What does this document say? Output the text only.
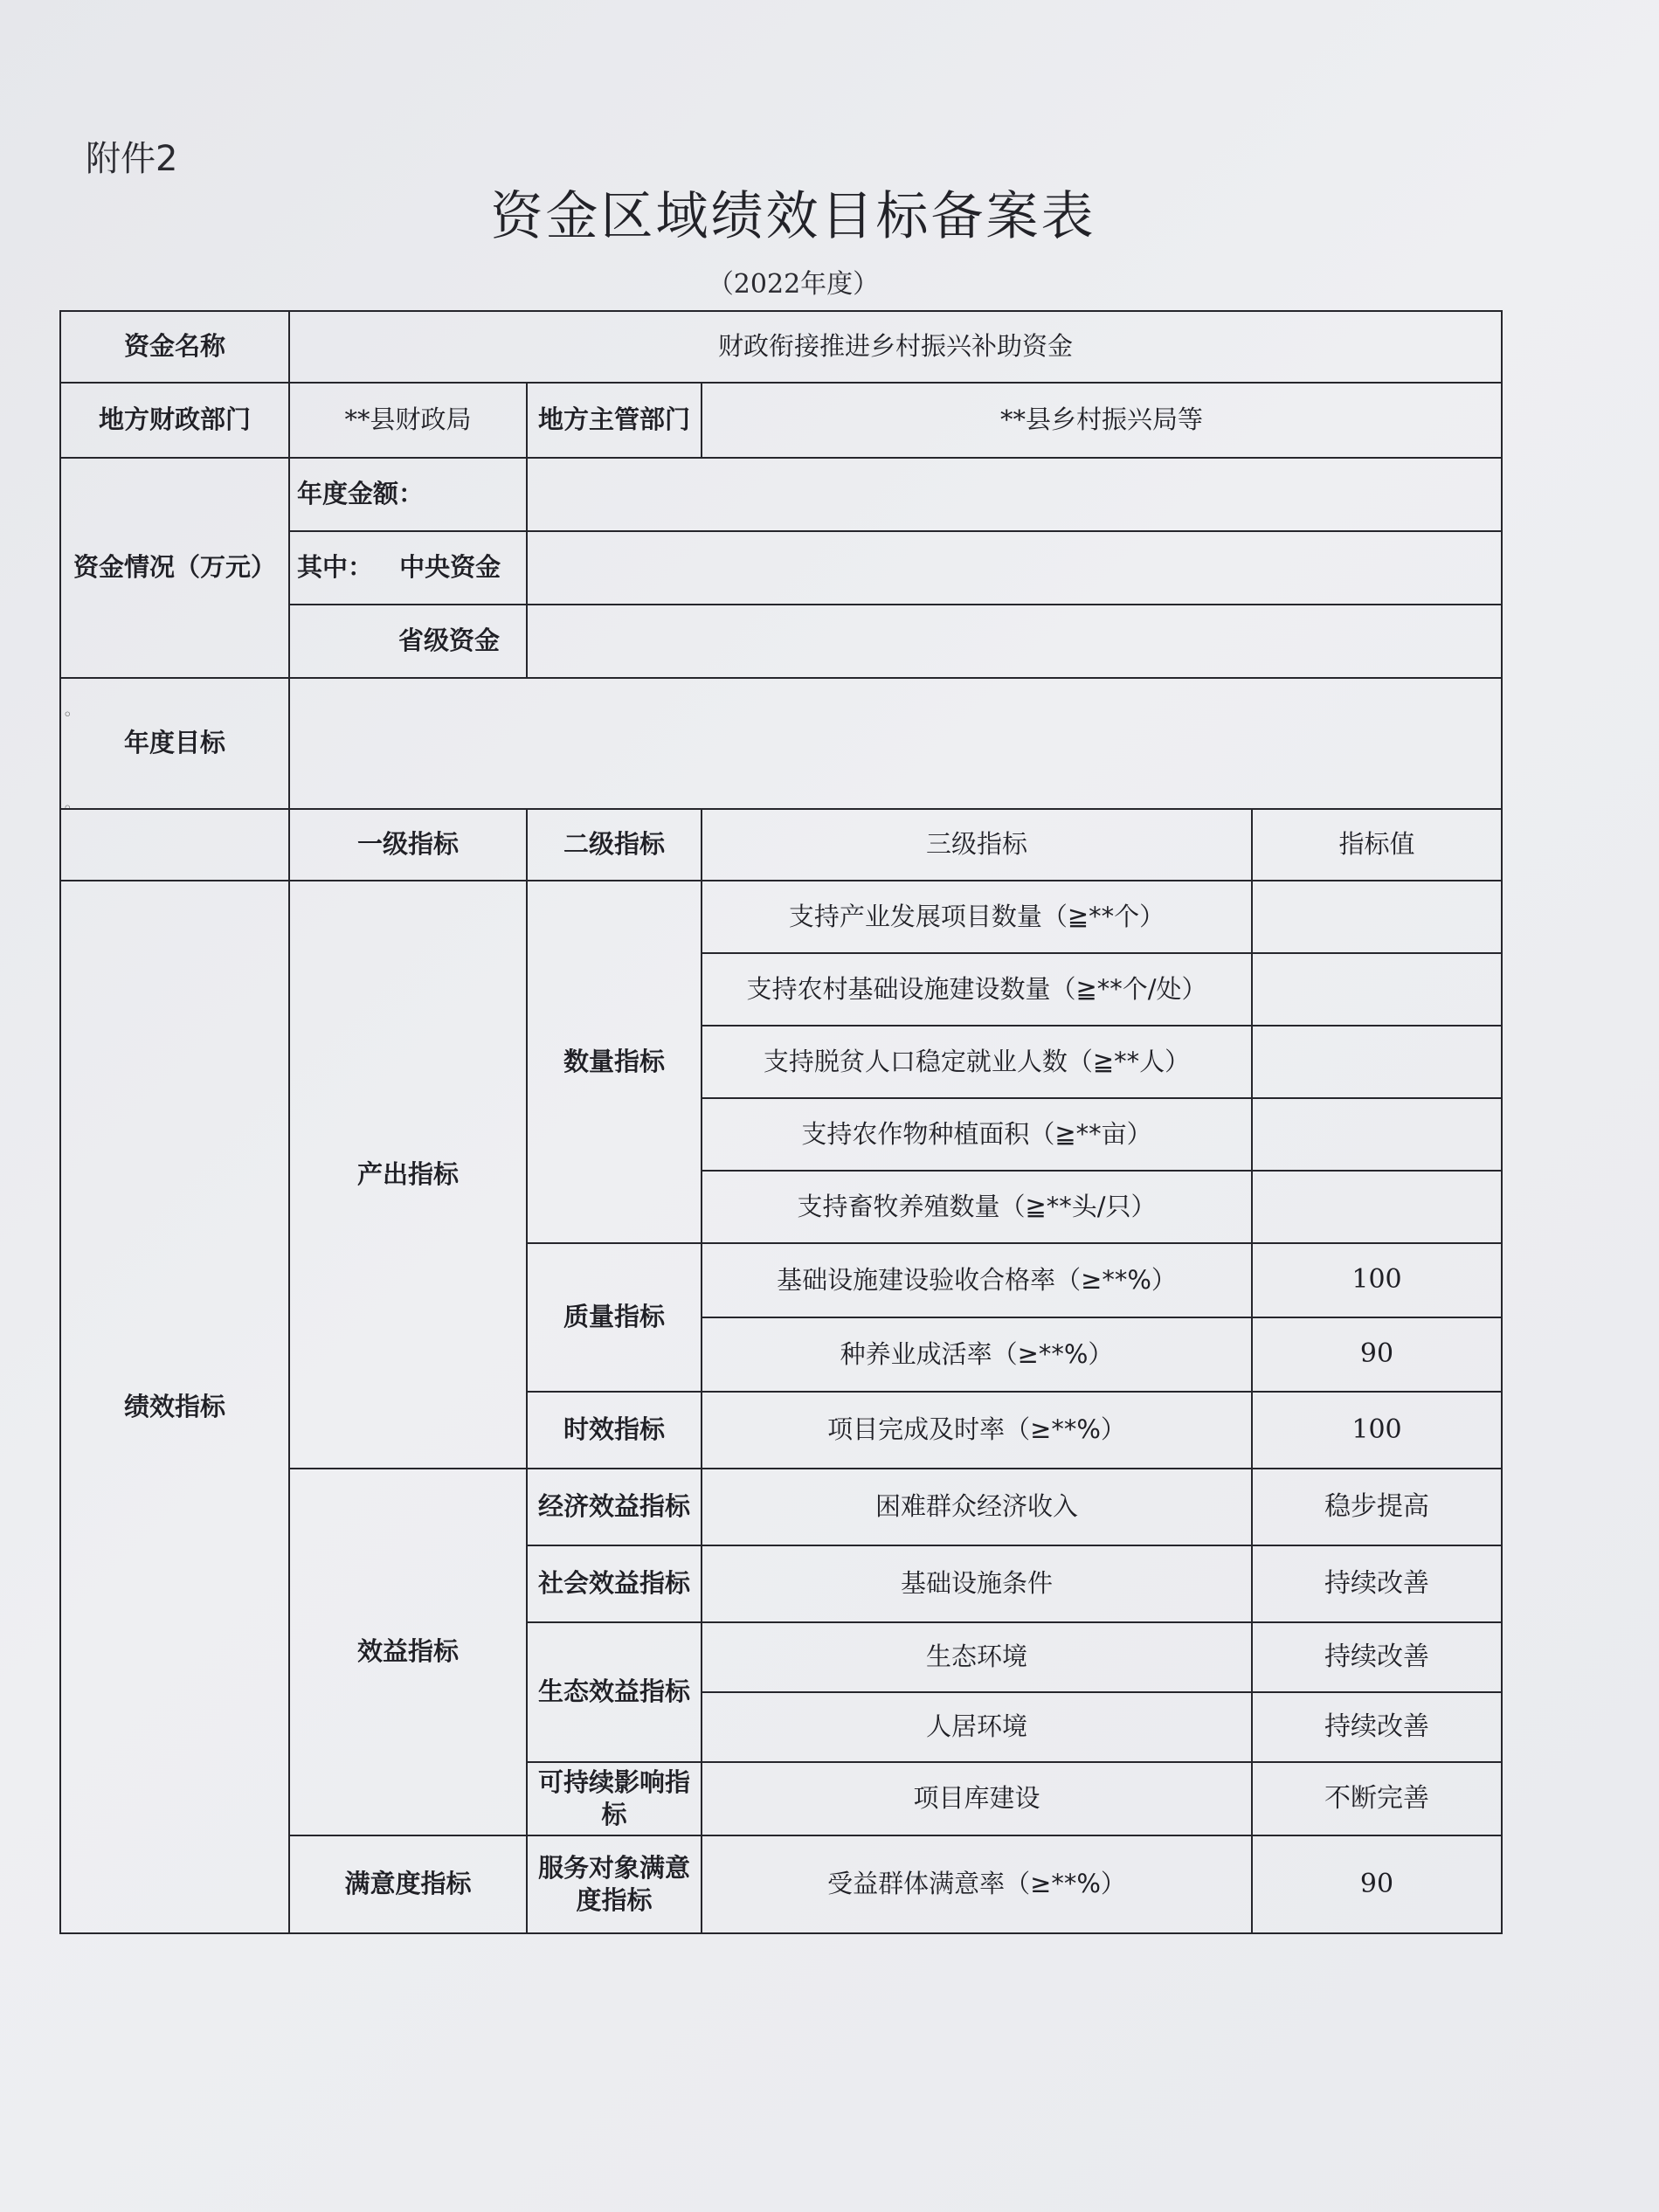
附件2
资金区域绩效目标备案表
（2022年度）
◦
◦
资金名称	财政衔接推进乡村振兴补助资金			
地方财政部门	**县财政局	地方主管部门	**县乡村振兴局等	
资金情况（万元）	年度金额：			
	其中： 中央资金			
	省级资金			
年度目标				
	一级指标	二级指标	三级指标	指标值
绩效指标	产出指标	数量指标	支持产业发展项目数量（≧**个）	
			支持农村基础设施建设数量（≧**个/处）	
			支持脱贫人口稳定就业人数（≧**人）	
			支持农作物种植面积（≧**亩）	
			支持畜牧养殖数量（≧**头/只）	
		质量指标	基础设施建设验收合格率（≥**%）	100
			种养业成活率（≥**%）	90
		时效指标	项目完成及时率（≥**%）	100
	效益指标	经济效益指标	困难群众经济收入	稳步提高
		社会效益指标	基础设施条件	持续改善
		生态效益指标	生态环境	持续改善
			人居环境	持续改善
		可持续影响指标	项目库建设	不断完善
	满意度指标	服务对象满意度指标	受益群体满意率（≥**%）	90
